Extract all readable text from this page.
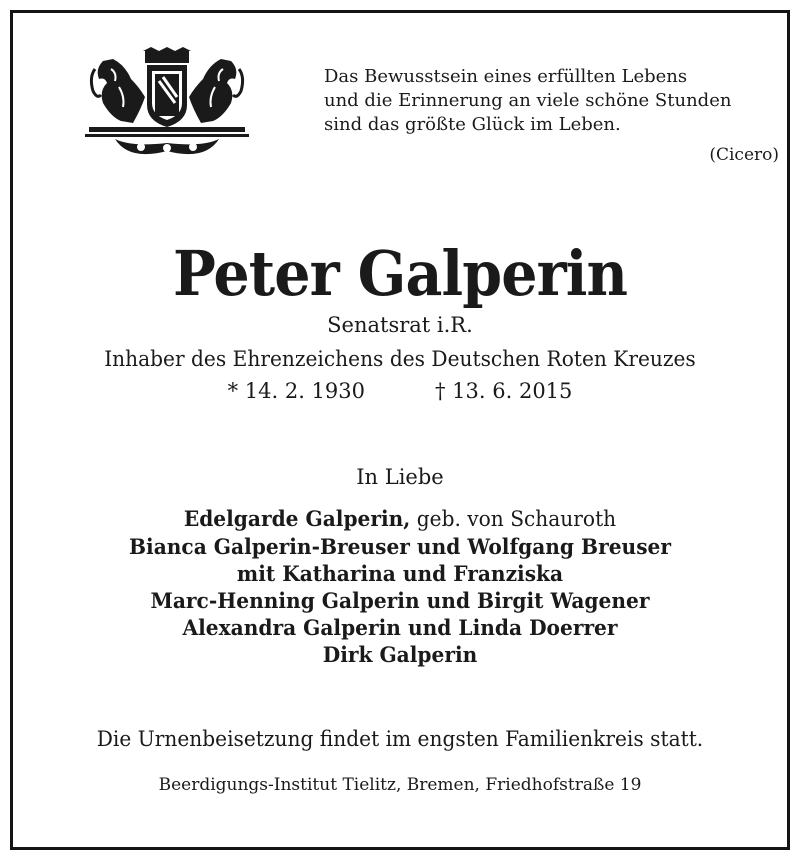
Das Bewusstsein eines erfüllten Lebens
und die Erinnerung an viele schöne Stunden
sind das größte Glück im Leben.
(Cicero)
Peter Galperin
Senatsrat i.R.
Inhaber des Ehrenzeichens des Deutschen Roten Kreuzes
* 14. 2. 1930	† 13. 6. 2015
In Liebe
Edelgarde Galperin, geb. von Schauroth
Bianca Galperin-Breuser und Wolfgang Breuser
mit Katharina und Franziska
Marc-Henning Galperin und Birgit Wagener
Alexandra Galperin und Linda Doerrer
Dirk Galperin
Die Urnenbeisetzung findet im engsten Familienkreis statt.
Beerdigungs-Institut Tielitz, Bremen, Friedhofstraße 19
